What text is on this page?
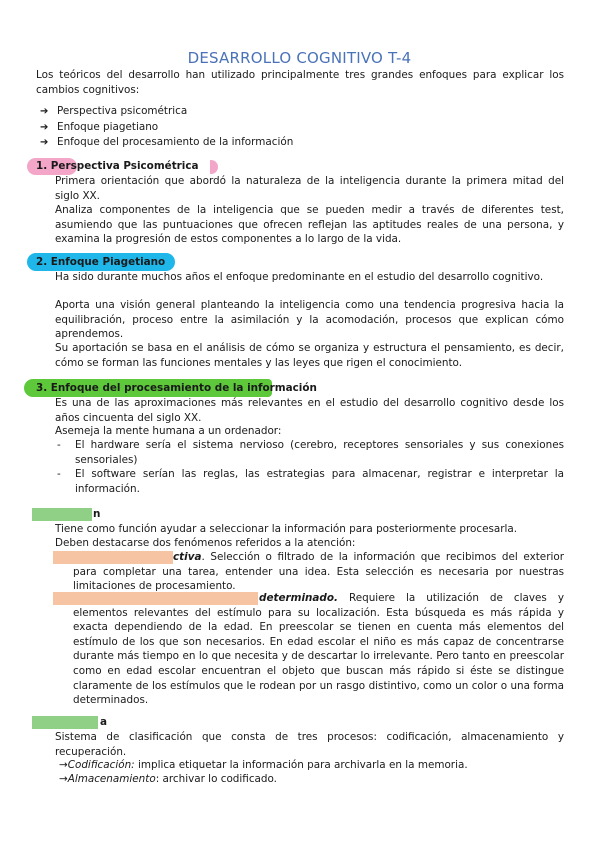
DESARROLLO COGNITIVO T-4

Los teóricos del desarrollo han utilizado principalmente tres grandes enfoques para explicar los cambios cognitivos:

➔ Perspectiva psicométrica
➔ Enfoque piagetiano
➔ Enfoque del procesamiento de la información
1. Perspectiva Psicométrica

Primera orientación que abordó la naturaleza de la inteligencia durante la primera mitad del siglo XX.

Analiza componentes de la inteligencia que se pueden medir a través de diferentes test, asumiendo que las puntuaciones que ofrecen reflejan las aptitudes reales de una persona, y examina la progresión de estos componentes a lo largo de la vida.

2. Enfoque Piagetiano

Ha sido durante muchos años el enfoque predominante en el estudio del desarrollo cognitivo.

Aporta una visión general planteando la inteligencia como una tendencia progresiva hacia la equilibración, proceso entre la asimilación y la acomodación, procesos que explican cómo aprendemos.

Su aportación se basa en el análisis de cómo se organiza y estructura el pensamiento, es decir, cómo se forman las funciones mentales y las leyes que rigen el conocimiento.

3. Enfoque del procesamiento de la información

Es una de las aproximaciones más relevantes en el estudio del desarrollo cognitivo desde los años cincuenta del siglo XX.

Asemeja la mente humana a un ordenador:

- El hardware sería el sistema nervioso (cerebro, receptores sensoriales y sus conexiones sensoriales)
- El software serían las reglas, las estrategias para almacenar, registrar e interpretar la información.
n

Tiene como función ayudar a seleccionar la información para posteriormente procesarla.

Deben destacarse dos fenómenos referidos a la atención:

ctiva. Selección o filtrado de la información que recibimos del exterior para completar una tarea, entender una idea. Esta selección es necesaria por nuestras limitaciones de procesamiento.

determinado. Requiere la utilización de claves y elementos relevantes del estímulo para su localización. Esta búsqueda es más rápida y exacta dependiendo de la edad. En preescolar se tienen en cuenta más elementos del estímulo de los que son necesarios. En edad escolar el niño es más capaz de concentrarse durante más tiempo en lo que necesita y de descartar lo irrelevante. Pero tanto en preescolar como en edad escolar encuentran el objeto que buscan más rápido si éste se distingue claramente de los estímulos que le rodean por un rasgo distintivo, como un color o una forma determinados.

a

Sistema de clasificación que consta de tres procesos: codificación, almacenamiento y recuperación.

→Codificación: implica etiquetar la información para archivarla en la memoria.

→Almacenamiento: archivar lo codificado.
